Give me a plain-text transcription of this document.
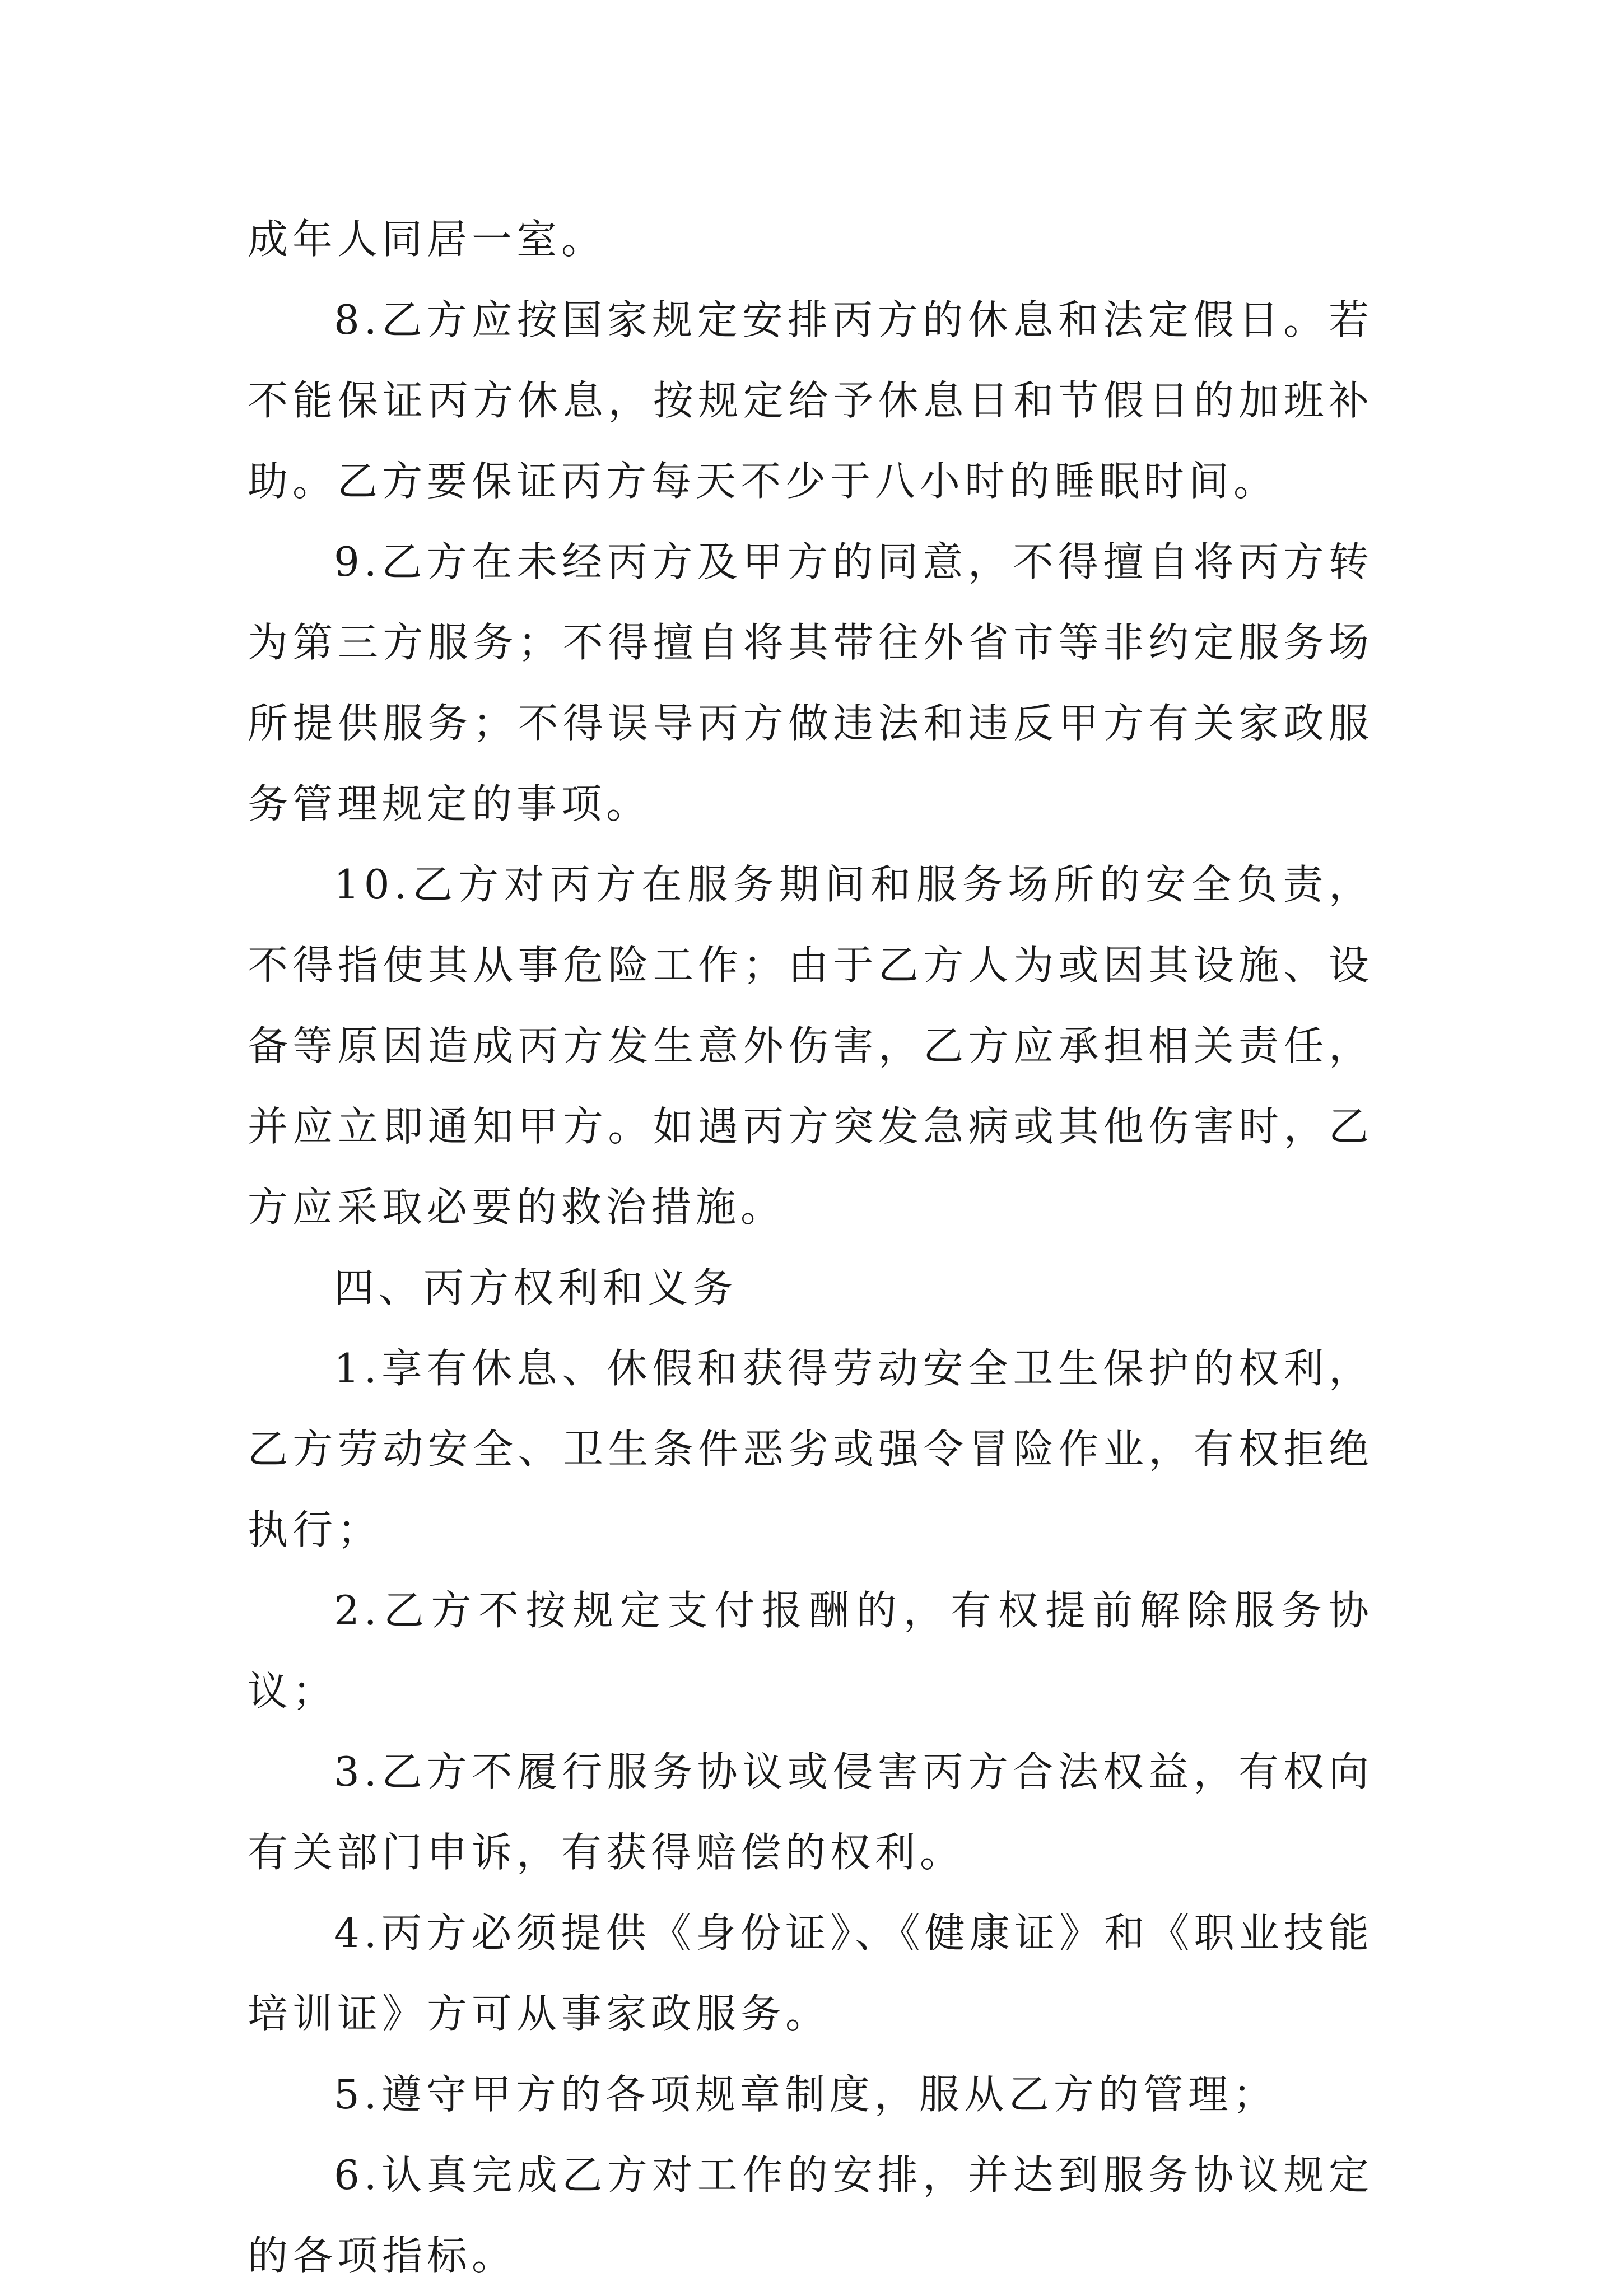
成年人同居一室。

8.乙方应按国家规定安排丙方的休息和法定假日。若不能保证丙方休息，按规定给予休息日和节假日的加班补助。乙方要保证丙方每天不少于八小时的睡眠时间。

9.乙方在未经丙方及甲方的同意，不得擅自将丙方转为第三方服务；不得擅自将其带往外省市等非约定服务场所提供服务；不得误导丙方做违法和违反甲方有关家政服务管理规定的事项。

10.乙方对丙方在服务期间和服务场所的安全负责，不得指使其从事危险工作；由于乙方人为或因其设施、设备等原因造成丙方发生意外伤害，乙方应承担相关责任，并应立即通知甲方。如遇丙方突发急病或其他伤害时，乙方应采取必要的救治措施。

四、丙方权利和义务

1.享有休息、休假和获得劳动安全卫生保护的权利，乙方劳动安全、卫生条件恶劣或强令冒险作业，有权拒绝执行；

2.乙方不按规定支付报酬的，有权提前解除服务协议；

3.乙方不履行服务协议或侵害丙方合法权益，有权向有关部门申诉，有获得赔偿的权利。

4.丙方必须提供《身份证》、《健康证》和《职业技能培训证》方可从事家政服务。

5.遵守甲方的各项规章制度，服从乙方的管理；

6.认真完成乙方对工作的安排，并达到服务协议规定的各项指标。
